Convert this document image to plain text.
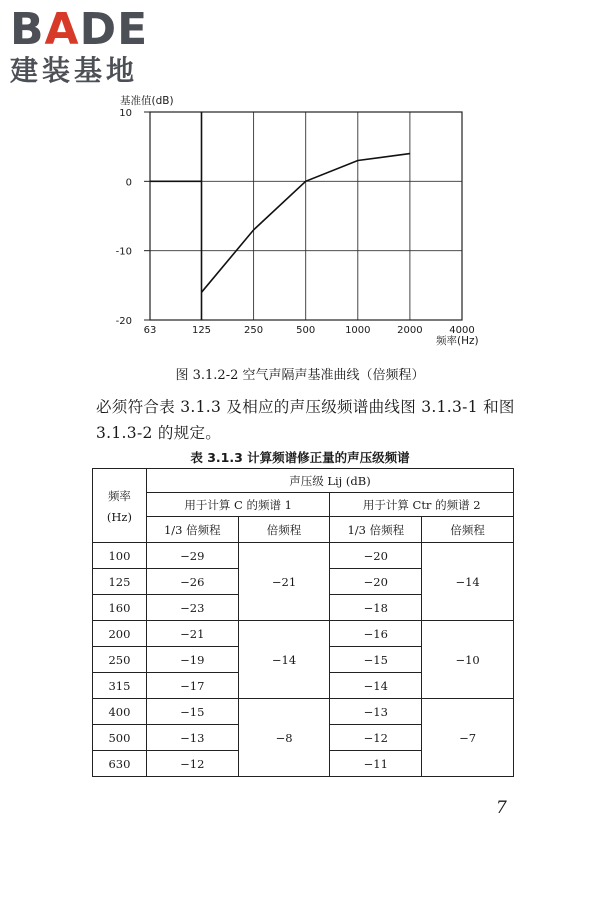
BADE
建装基地
63	125	250	500	1000	2000	4000
10
0
-10
-20
基准值(dB)
频率(Hz)
图 3.1.2-2 空气声隔声基准曲线（倍频程）
必须符合表 3.1.3 及相应的声压级频谱曲线图 3.1.3-1 和图 3.1.3-2 的规定。
表 3.1.3 计算频谱修正量的声压级频谱
频率
(Hz)	声压级 Lij (dB)			
	用于计算 C 的频谱 1		用于计算 Ctr 的频谱 2	
	1/3 倍频程	倍频程	1/3 倍频程	倍频程
100	−29	−21	−20	−14
125	−26		−20	
160	−23		−18	
200	−21	−14	−16	−10
250	−19		−15	
315	−17		−14	
400	−15	−8	−13	−7
500	−13		−12	
630	−12		−11	
7
